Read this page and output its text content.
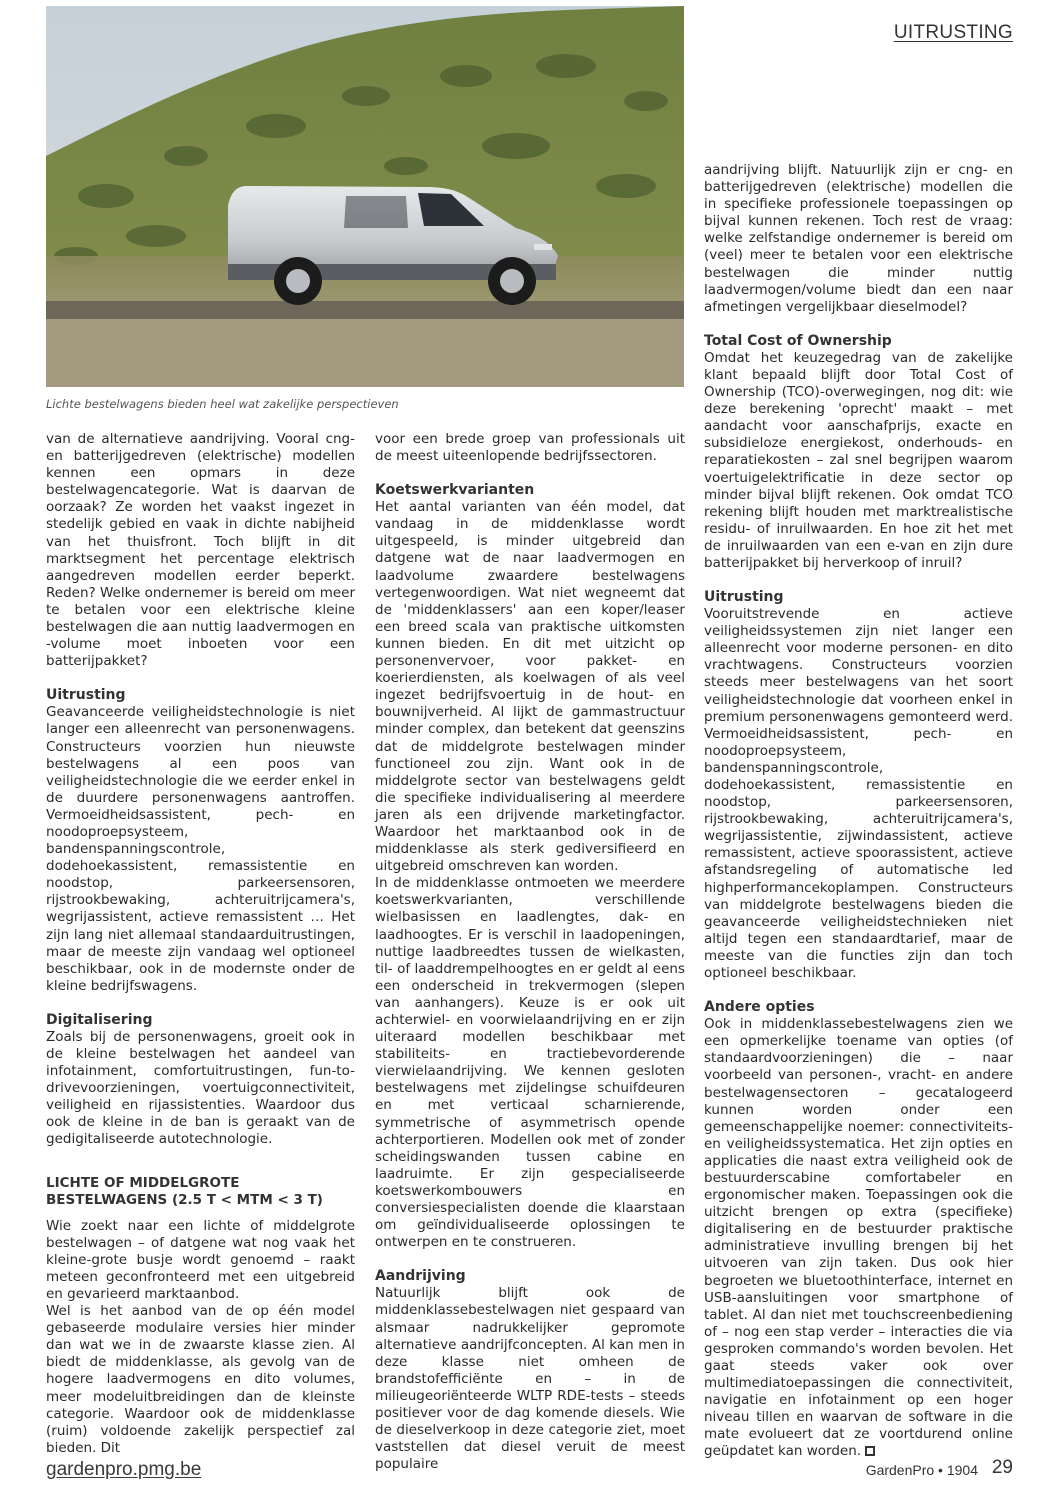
UITRUSTING
Lichte bestelwagens bieden heel wat zakelijke perspectieven

van de alternatieve aandrijving. Vooral cng- en batterijgedreven (elektrische) modellen kennen een opmars in deze bestelwagencategorie. Wat is daarvan de oorzaak? Ze worden het vaakst ingezet in stedelijk gebied en vaak in dichte nabijheid van het thuisfront. Toch blijft in dit marktsegment het percentage elektrisch aangedreven modellen eerder beperkt. Reden? Welke ondernemer is bereid om meer te betalen voor een elektrische kleine bestelwagen die aan nuttig laadvermogen en -volume moet inboeten voor een batterijpakket?

Uitrusting

Geavanceerde veiligheidstechnologie is niet langer een alleenrecht van personenwagens. Constructeurs voorzien hun nieuwste bestelwagens al een poos van veiligheidstechnologie die we eerder enkel in de duurdere personenwagens aantroffen. Vermoeidheidsassistent, pech- en noodoproepsysteem, bandenspanningscontrole, dodehoekassistent, remassistentie en noodstop, parkeersensoren, rijstrookbewaking, achteruitrijcamera's, wegrijassistent, actieve remassistent … Het zijn lang niet allemaal standaarduitrustingen, maar de meeste zijn vandaag wel optioneel beschikbaar, ook in de modernste onder de kleine bedrijfswagens.

Digitalisering

Zoals bij de personenwagens, groeit ook in de kleine bestelwagen het aandeel van infotainment, comfortuitrustingen, fun-to-drivevoorzieningen, voertuigconnectiviteit, veiligheid en rijassistenties. Waardoor dus ook de kleine in de ban is geraakt van de gedigitaliseerde autotechnologie.

LICHTE OF MIDDELGROTE BESTELWAGENS (2.5 T < MTM < 3 T)

Wie zoekt naar een lichte of middelgrote bestelwagen – of datgene wat nog vaak het kleine-grote busje wordt genoemd – raakt meteen geconfronteerd met een uitgebreid en gevarieerd marktaanbod.

Wel is het aanbod van de op één model gebaseerde modulaire versies hier minder dan wat we in de zwaarste klasse zien. Al biedt de middenklasse, als gevolg van de hogere laadvermogens en dito volumes, meer modeluitbreidingen dan de kleinste categorie. Waardoor ook de middenklasse (ruim) voldoende zakelijk perspectief zal bieden. Dit

voor een brede groep van professionals uit de meest uiteenlopende bedrijfssectoren.

Koetswerkvarianten

Het aantal varianten van één model, dat vandaag in de middenklasse wordt uitgespeeld, is minder uitgebreid dan datgene wat de naar laadvermogen en laadvolume zwaardere bestelwagens vertegenwoordigen. Wat niet wegneemt dat de 'middenklassers' aan een koper/leaser een breed scala van praktische uitkomsten kunnen bieden. En dit met uitzicht op personenvervoer, voor pakket- en koerierdiensten, als koelwagen of als veel ingezet bedrijfsvoertuig in de hout- en bouwnijverheid. Al lijkt de gammastructuur minder complex, dan betekent dat geenszins dat de middelgrote bestelwagen minder functioneel zou zijn. Want ook in de middelgrote sector van bestelwagens geldt die specifieke individualisering al meerdere jaren als een drijvende marketingfactor. Waardoor het marktaanbod ook in de middenklasse als sterk gediversifieerd en uitgebreid omschreven kan worden.

In de middenklasse ontmoeten we meerdere koetswerkvarianten, verschillende wielbasissen en laadlengtes, dak- en laadhoogtes. Er is verschil in laadopeningen, nuttige laadbreedtes tussen de wielkasten, til- of laaddrempelhoogtes en er geldt al eens een onderscheid in trekvermogen (slepen van aanhangers). Keuze is er ook uit achterwiel- en voorwielaandrijving en er zijn uiteraard modellen beschikbaar met stabiliteits- en tractiebevorderende vierwielaandrijving. We kennen gesloten bestelwagens met zijdelingse schuifdeuren en met verticaal scharnierende, symmetrische of asymmetrisch opende achterportieren. Modellen ook met of zonder scheidingswanden tussen cabine en laadruimte. Er zijn gespecialiseerde koetswerkombouwers en conversiespecialisten doende die klaarstaan om geïndividualiseerde oplossingen te ontwerpen en te construeren.

Aandrijving

Natuurlijk blijft ook de middenklassebestelwagen niet gespaard van alsmaar nadrukkelijker gepromote alternatieve aandrijfconcepten. Al kan men in deze klasse niet omheen de brandstofefficiënte en – in de milieugeoriënteerde WLTP RDE-tests – steeds positiever voor de dag komende diesels. Wie de dieselverkoop in deze categorie ziet, moet vaststellen dat diesel veruit de meest populaire

aandrijving blijft. Natuurlijk zijn er cng- en batterijgedreven (elektrische) modellen die in specifieke professionele toepassingen op bijval kunnen rekenen. Toch rest de vraag: welke zelfstandige ondernemer is bereid om (veel) meer te betalen voor een elektrische bestelwagen die minder nuttig laadvermogen/volume biedt dan een naar afmetingen vergelijkbaar dieselmodel?

Total Cost of Ownership

Omdat het keuzegedrag van de zakelijke klant bepaald blijft door Total Cost of Ownership (TCO)-overwegingen, nog dit: wie deze berekening 'oprecht' maakt – met aandacht voor aanschafprijs, exacte en subsidieloze energiekost, onderhouds- en reparatiekosten – zal snel begrijpen waarom voertuigelektrificatie in deze sector op minder bijval blijft rekenen. Ook omdat TCO rekening blijft houden met marktrealistische residu- of inruilwaarden. En hoe zit het met de inruilwaarden van een e-van en zijn dure batterijpakket bij herverkoop of inruil?

Uitrusting

Vooruitstrevende en actieve veiligheidssystemen zijn niet langer een alleenrecht voor moderne personen- en dito vrachtwagens. Constructeurs voorzien steeds meer bestelwagens van het soort veiligheidstechnologie dat voorheen enkel in premium personenwagens gemonteerd werd. Vermoeidheidsassistent, pech- en noodoproepsysteem, bandenspanningscontrole, dodehoekassistent, remassistentie en noodstop, parkeersensoren, rijstrookbewaking, achteruitrijcamera's, wegrijassistentie, zijwindassistent, actieve remassistent, actieve spoorassistent, actieve afstandsregeling of automatische led highperformancekoplampen. Constructeurs van middelgrote bestelwagens bieden die geavanceerde veiligheidstechnieken niet altijd tegen een standaardtarief, maar de meeste van die functies zijn dan toch optioneel beschikbaar.

Andere opties

Ook in middenklassebestelwagens zien we een opmerkelijke toename van opties (of standaardvoorzieningen) die – naar voorbeeld van personen-, vracht- en andere bestelwagensectoren – gecatalogeerd kunnen worden onder een gemeenschappelijke noemer: connectiviteits- en veiligheidssystematica. Het zijn opties en applicaties die naast extra veiligheid ook de bestuurderscabine comfortabeler en ergonomischer maken. Toepassingen ook die uitzicht brengen op extra (specifieke) digitalisering en de bestuurder praktische administratieve invulling brengen bij het uitvoeren van zijn taken. Dus ook hier begroeten we bluetoothinterface, internet en USB-aansluitingen voor smartphone of tablet. Al dan niet met touchscreenbediening of – nog een stap verder – interacties die via gesproken commando's worden bevolen. Het gaat steeds vaker ook over multimediatoepassingen die connectiviteit, navigatie en infotainment op een hoger niveau tillen en waarvan de software in die mate evolueert dat ze voortdurend online geüpdatet kan worden.

gardenpro.pmg.be	GardenPro • 1904 29
